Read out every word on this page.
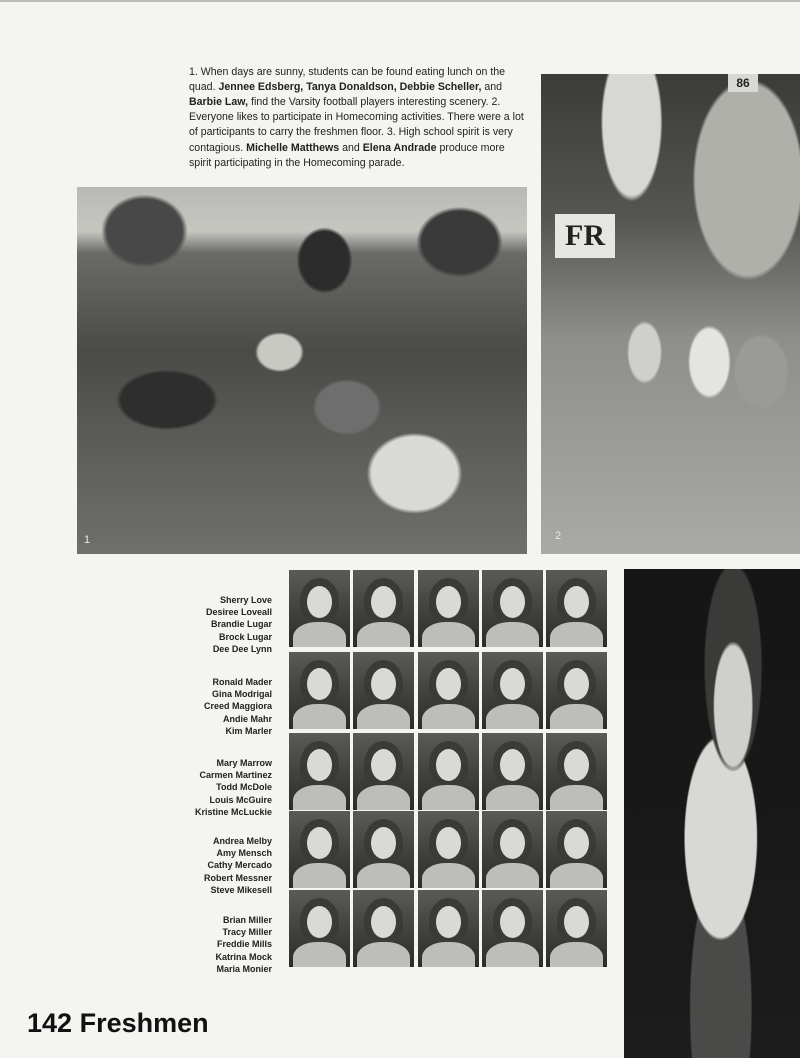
1. When days are sunny, students can be found eating lunch on the quad. Jennee Edsberg, Tanya Donaldson, Debbie Scheller, and Barbie Law, find the Varsity football players interesting scenery. 2. Everyone likes to participate in Homecoming activities. There were a lot of participants to carry the freshmen floor. 3. High school spirit is very contagious. Michelle Matthews and Elena Andrade produce more spirit participating in the Homecoming parade.

1
86
FR
2
Sherry Love
Desiree Loveall
Brandie Lugar
Brock Lugar
Dee Dee Lynn
Ronald Mader
Gina Modrigal
Creed Maggiora
Andie Mahr
Kim Marler
Mary Marrow
Carmen Martinez
Todd McDole
Louis McGuire
Kristine McLuckie
Andrea Melby
Amy Mensch
Cathy Mercado
Robert Messner
Steve Mikesell
Brian Miller
Tracy Miller
Freddie Mills
Katrina Mock
Maria Monier
142 Freshmen
